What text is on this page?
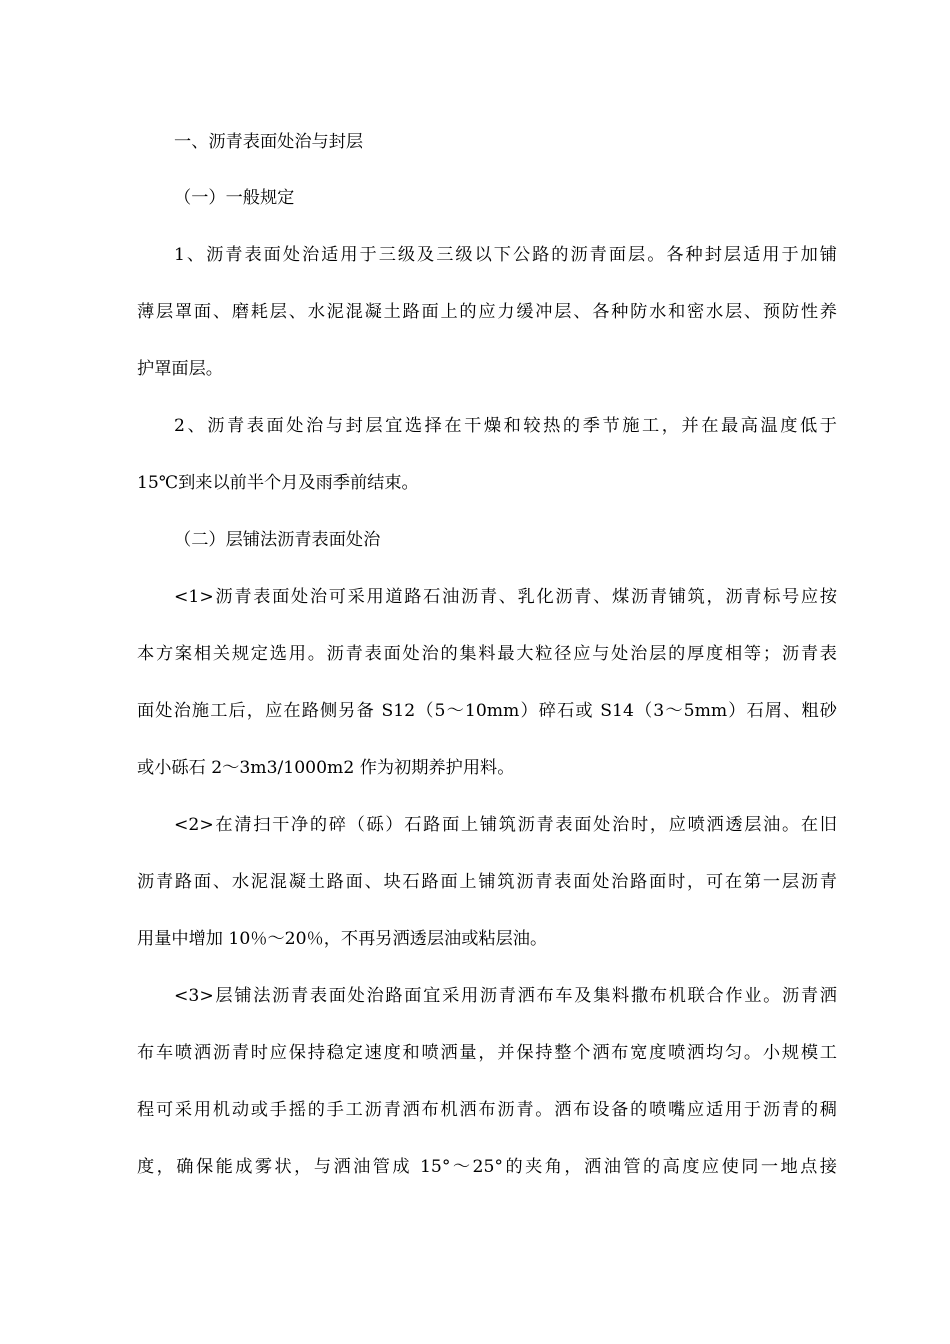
一、沥青表面处治与封层
（一）一般规定
1、沥青表面处治适用于三级及三级以下公路的沥青面层。各种封层适用于加铺
薄层罩面、磨耗层、水泥混凝土路面上的应力缓冲层、各种防水和密水层、预防性养
护罩面层。
2、沥青表面处治与封层宜选择在干燥和较热的季节施工，并在最高温度低于
15℃到来以前半个月及雨季前结束。
（二）层铺法沥青表面处治
<1>沥青表面处治可采用道路石油沥青、乳化沥青、煤沥青铺筑，沥青标号应按
本方案相关规定选用。沥青表面处治的集料最大粒径应与处治层的厚度相等；沥青表
面处治施工后，应在路侧另备 S12（5～10mm）碎石或 S14（3～5mm）石屑、粗砂
或小砾石 2～3m3/1000m2 作为初期养护用料。
<2>在清扫干净的碎（砾）石路面上铺筑沥青表面处治时，应喷洒透层油。在旧
沥青路面、水泥混凝土路面、块石路面上铺筑沥青表面处治路面时，可在第一层沥青
用量中增加 10％～20％，不再另洒透层油或粘层油。
<3>层铺法沥青表面处治路面宜采用沥青洒布车及集料撒布机联合作业。沥青洒
布车喷洒沥青时应保持稳定速度和喷洒量，并保持整个洒布宽度喷洒均匀。小规模工
程可采用机动或手摇的手工沥青洒布机洒布沥青。洒布设备的喷嘴应适用于沥青的稠
度，确保能成雾状，与洒油管成 15°～25°的夹角，洒油管的高度应使同一地点接
